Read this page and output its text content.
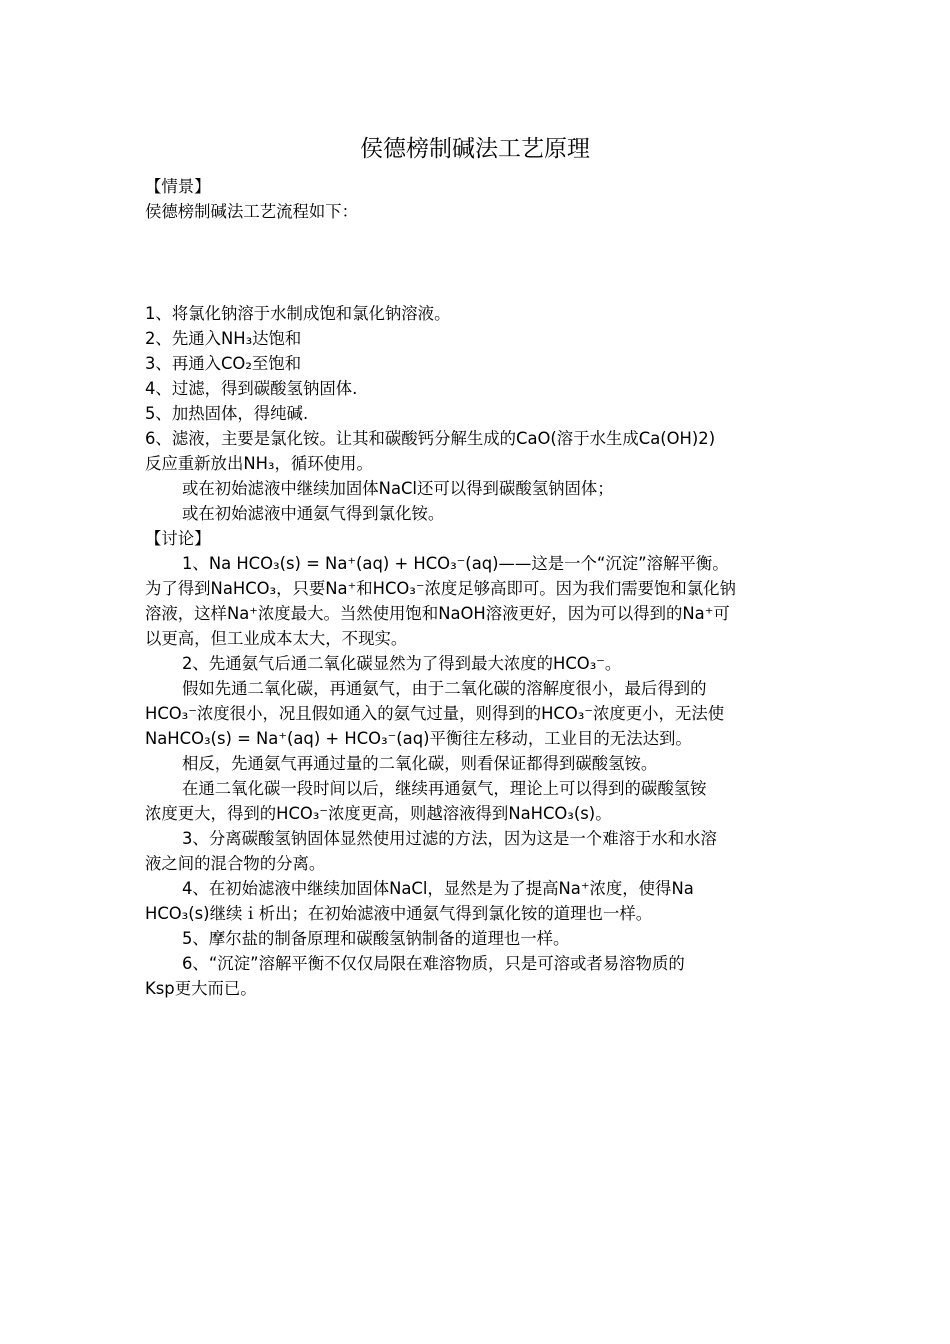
侯德榜制碱法工艺原理
【情景】
侯德榜制碱法工艺流程如下：
1、将氯化钠溶于水制成饱和氯化钠溶液。
2、先通入NH₃达饱和
3、再通入CO₂至饱和
4、过滤，得到碳酸氢钠固体.
5、加热固体，得纯碱.
6、滤液，主要是氯化铵。让其和碳酸钙分解生成的CaO(溶于水生成Ca(OH)2)
反应重新放出NH₃，循环使用。
或在初始滤液中继续加固体NaCl还可以得到碳酸氢钠固体；
或在初始滤液中通氨气得到氯化铵。
【讨论】
1、Na HCO₃(s) = Na⁺(aq) + HCO₃⁻(aq)——这是一个“沉淀”溶解平衡。
为了得到NaHCO₃，只要Na⁺和HCO₃⁻浓度足够高即可。因为我们需要饱和氯化钠
溶液，这样Na⁺浓度最大。当然使用饱和NaOH溶液更好，因为可以得到的Na⁺可
以更高，但工业成本太大，不现实。
2、先通氨气后通二氧化碳显然为了得到最大浓度的HCO₃⁻。
假如先通二氧化碳，再通氨气，由于二氧化碳的溶解度很小，最后得到的
HCO₃⁻浓度很小，况且假如通入的氨气过量，则得到的HCO₃⁻浓度更小，无法使
NaHCO₃(s) = Na⁺(aq) + HCO₃⁻(aq)平衡往左移动，工业目的无法达到。
相反，先通氨气再通过量的二氧化碳，则看保证都得到碳酸氢铵。
在通二氧化碳一段时间以后，继续再通氨气，理论上可以得到的碳酸氢铵
浓度更大，得到的HCO₃⁻浓度更高，则越溶液得到NaHCO₃(s)。
3、分离碳酸氢钠固体显然使用过滤的方法，因为这是一个难溶于水和水溶
液之间的混合物的分离。
4、在初始滤液中继续加固体NaCl，显然是为了提高Na⁺浓度，使得Na
HCO₃(s)继续ｉ析出；在初始滤液中通氨气得到氯化铵的道理也一样。
5、摩尔盐的制备原理和碳酸氢钠制备的道理也一样。
6、“沉淀”溶解平衡不仅仅局限在难溶物质，只是可溶或者易溶物质的
Ksp更大而已。
